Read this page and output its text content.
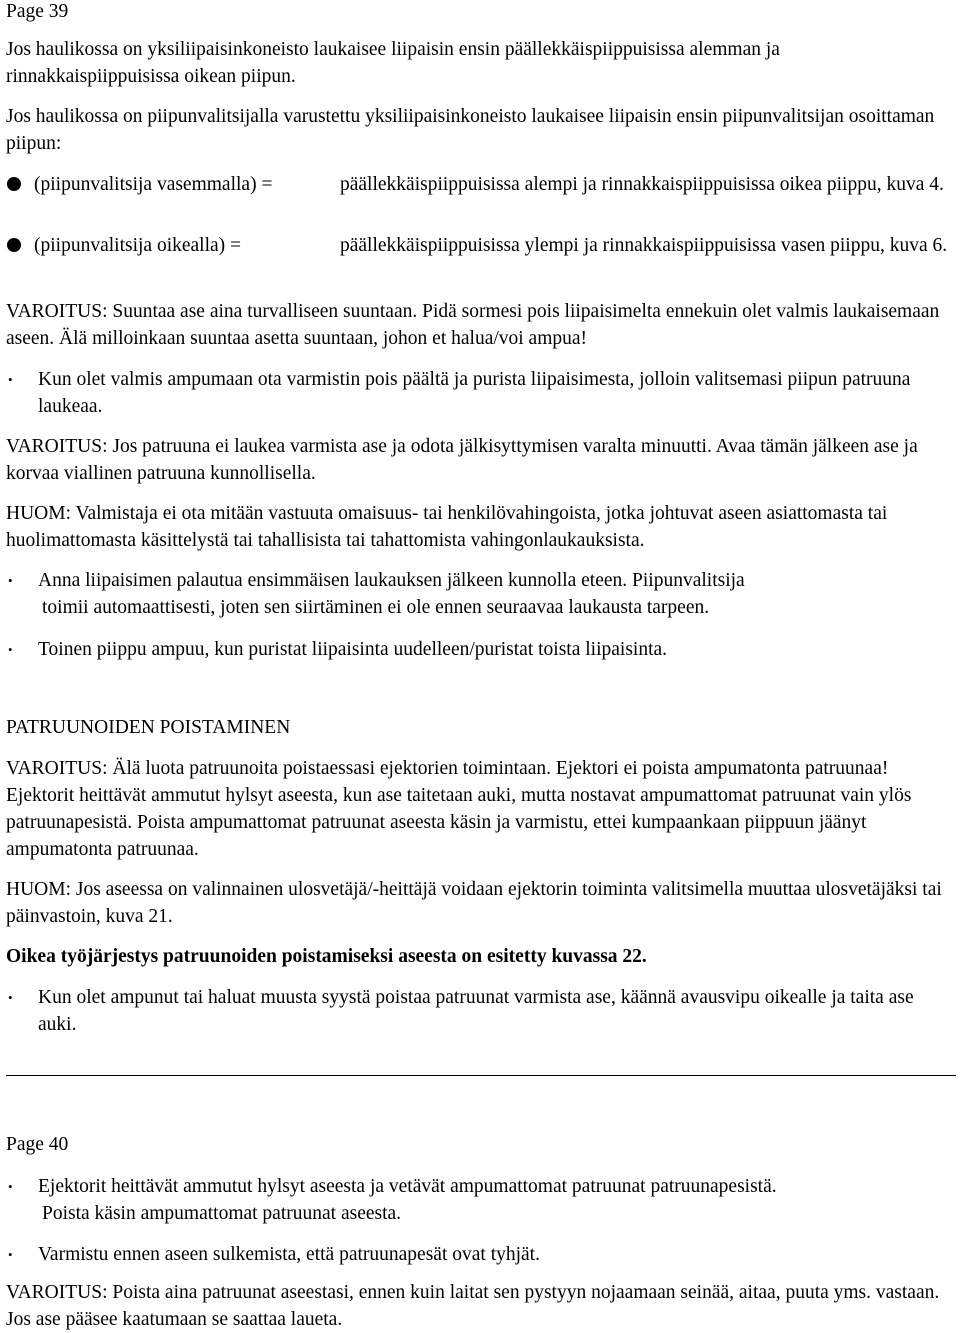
Page 39

Jos haulikossa on yksiliipaisinkoneisto laukaisee liipaisin ensin päällekkäispiippuisissa alemman ja rinnakkaispiippuisissa oikean piipun.

Jos haulikossa on piipunvalitsijalla varustettu yksiliipaisinkoneisto laukaisee liipaisin ensin piipunvalitsijan osoittaman piipun:

(piipunvalitsija vasemmalla) =	päällekkäispiippuisissa alempi ja rinnakkaispiippuisissa oikea piippu, kuva 4.
(piipunvalitsija oikealla) =	päällekkäispiippuisissa ylempi ja rinnakkaispiippuisissa vasen piippu, kuva 6.

VAROITUS: Suuntaa ase aina turvalliseen suuntaan. Pidä sormesi pois liipaisimelta ennekuin olet valmis laukaisemaan aseen. Älä milloinkaan suuntaa asetta suuntaan, johon et halua/voi ampua!

• Kun olet valmis ampumaan ota varmistin pois päältä ja purista liipaisimesta, jolloin valitsemasi piipun patruuna laukeaa.

VAROITUS: Jos patruuna ei laukea varmista ase ja odota jälkisyttymisen varalta minuutti. Avaa tämän jälkeen ase ja korvaa viallinen patruuna kunnollisella.

HUOM: Valmistaja ei ota mitään vastuuta omaisuus- tai henkilövahingoista, jotka johtuvat aseen asiattomasta tai huolimattomasta käsittelystä tai tahallisista tai tahattomista vahingonlaukauksista.

• Anna liipaisimen palautua ensimmäisen laukauksen jälkeen kunnolla eteen. Piipunvalitsija
toimii automaattisesti, joten sen siirtäminen ei ole ennen seuraavaa laukausta tarpeen.
• Toinen piippu ampuu, kun puristat liipaisinta uudelleen/puristat toista liipaisinta.
PATRUUNOIDEN POISTAMINEN

VAROITUS: Älä luota patruunoita poistaessasi ejektorien toimintaan. Ejektori ei poista ampumatonta patruunaa! Ejektorit heittävät ammutut hylsyt aseesta, kun ase taitetaan auki, mutta nostavat ampumattomat patruunat vain ylös patruunapesistä. Poista ampumattomat patruunat aseesta käsin ja varmistu, ettei kumpaankaan piippuun jäänyt ampumatonta patruunaa.

HUOM: Jos aseessa on valinnainen ulosvetäjä/-heittäjä voidaan ejektorin toiminta valitsimella muuttaa ulosvetäjäksi tai päinvastoin, kuva 21.

Oikea työjärjestys patruunoiden poistamiseksi aseesta on esitetty kuvassa 22.
• Kun olet ampunut tai haluat muusta syystä poistaa patruunat varmista ase, käännä avausvipu oikealle ja taita ase auki.
Page 40
• Ejektorit heittävät ammutut hylsyt aseesta ja vetävät ampumattomat patruunat patruunapesistä.
Poista käsin ampumattomat patruunat aseesta.
• Varmistu ennen aseen sulkemista, että patruunapesät ovat tyhjät.

VAROITUS: Poista aina patruunat aseestasi, ennen kuin laitat sen pystyyn nojaamaan seinää, aitaa, puuta yms. vastaan. Jos ase pääsee kaatumaan se saattaa laueta.
